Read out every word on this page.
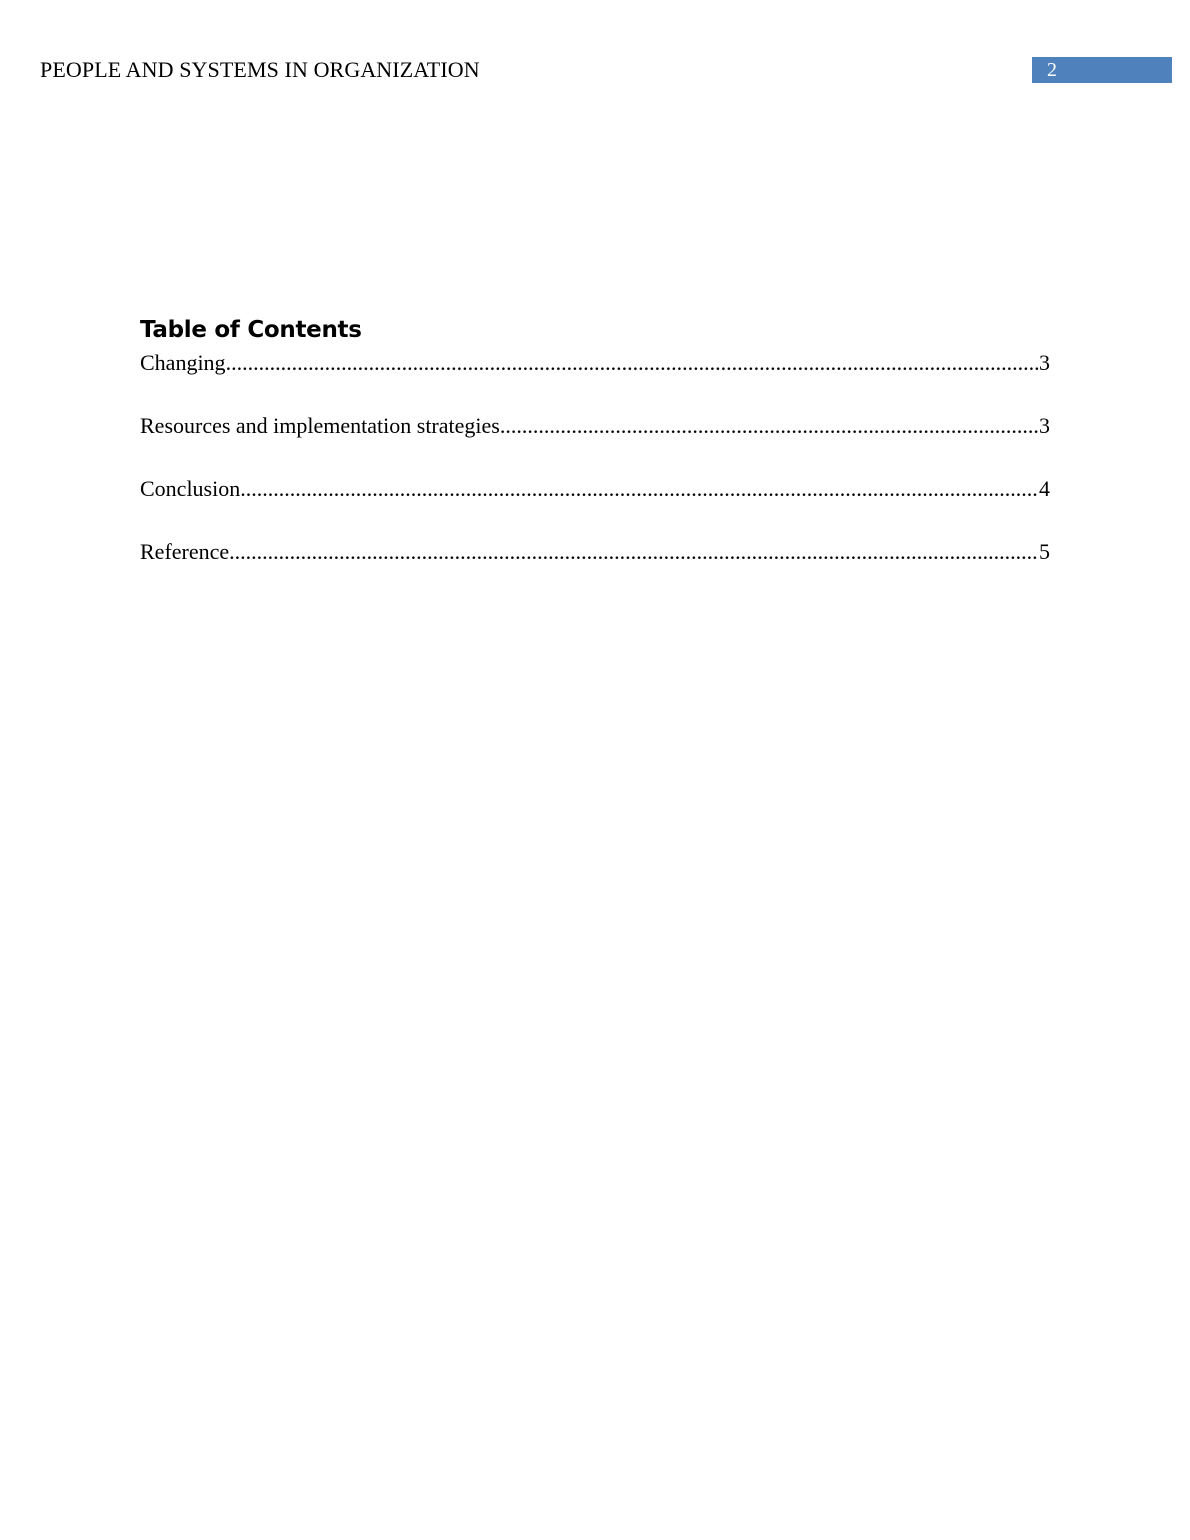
PEOPLE AND SYSTEMS IN ORGANIZATION	2
Table of Contents
Changing .....	3
Resources and implementation strategies .....	3
Conclusion .....	4
Reference .....	5
